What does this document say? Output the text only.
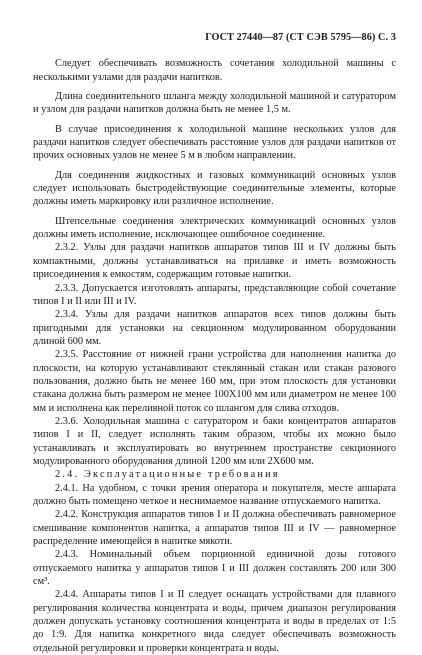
ГОСТ 27440—87 (СТ СЭВ 5795—86) С. 3

Следует обеспечивать возможность сочетания холодильной машины с несколькими узлами для раздачи напитков.

Длина соединительного шланга между холодильной машиной и сатуратором и узлом для раздачи напитков должна быть не менее 1,5 м.

В случае присоединения к холодильной машине нескольких узлов для раздачи напитков следует обеспечивать расстояние узлов для раздачи напитков от прочих основных узлов не менее 5 м в любом направлении.

Для соединения жидкостных и газовых коммуникаций основных узлов следует использовать быстродействующие соединительные элементы, которые должны иметь маркировку или различное исполнение.

Штепсельные соединения электрических коммуникаций основных узлов должны иметь исполнение, исключающее ошибочное соединение.

2.3.2. Узлы для раздачи напитков аппаратов типов III и IV должны быть компактными, должны устанавливаться на прилавке и иметь возможность присоединения к емкостям, содержащим готовые напитки.

2.3.3. Допускается изготовлять аппараты, представляющие собой сочетание типов I и II или III и IV.

2.3.4. Узлы для раздачи напитков аппаратов всех типов должны быть пригодными для установки на секционном модулированном оборудовании длиной 600 мм.

2.3.5. Расстояние от нижней грани устройства для наполнения напитка до плоскости, на которую устанавливают стеклянный стакан или стакан разового пользования, должно быть не менее 160 мм, при этом плоскость для установки стакана должна быть размером не менее 100Х100 мм или диаметром не менее 100 мм и исполнена как переливной поток со шлангом для слива отходов.

2.3.6. Холодильная машина с сатуратором и баки концентратов аппаратов типов I и II, следует исполнять таким образом, чтобы их можно было устанавливать и эксплуатировать во внутреннем пространстве секционного модулированного оборудования длиной 1200 мм или 2Х600 мм.

2.4. Эксплуатационные требования

2.4.1. На удобном, с точки зрения оператора и покупателя, месте аппарата должно быть помещено четкое и неснимаемое название отпускаемого напитка.

2.4.2. Конструкция аппаратов типов I и II должна обеспечивать равномерное смешивание компонентов напитка, а аппаратов типов III и IV — равномерное распределение имеющейся в напитке мякоти.

2.4.3. Номинальный объем порционной единичной дозы готового отпускаемого напитка у аппаратов типов I и III должен составлять 200 или 300 см³.

2.4.4. Аппараты типов I и II следует оснащать устройствами для плавного регулирования количества концентрата и воды, причем диапазон регулирования должен допускать установку соотношения концентрата и воды в пределах от 1:5 до 1:9. Для напитка конкретного вида следует обеспечивать возможность отдельной регулировки и проверки концентрата и воды.
